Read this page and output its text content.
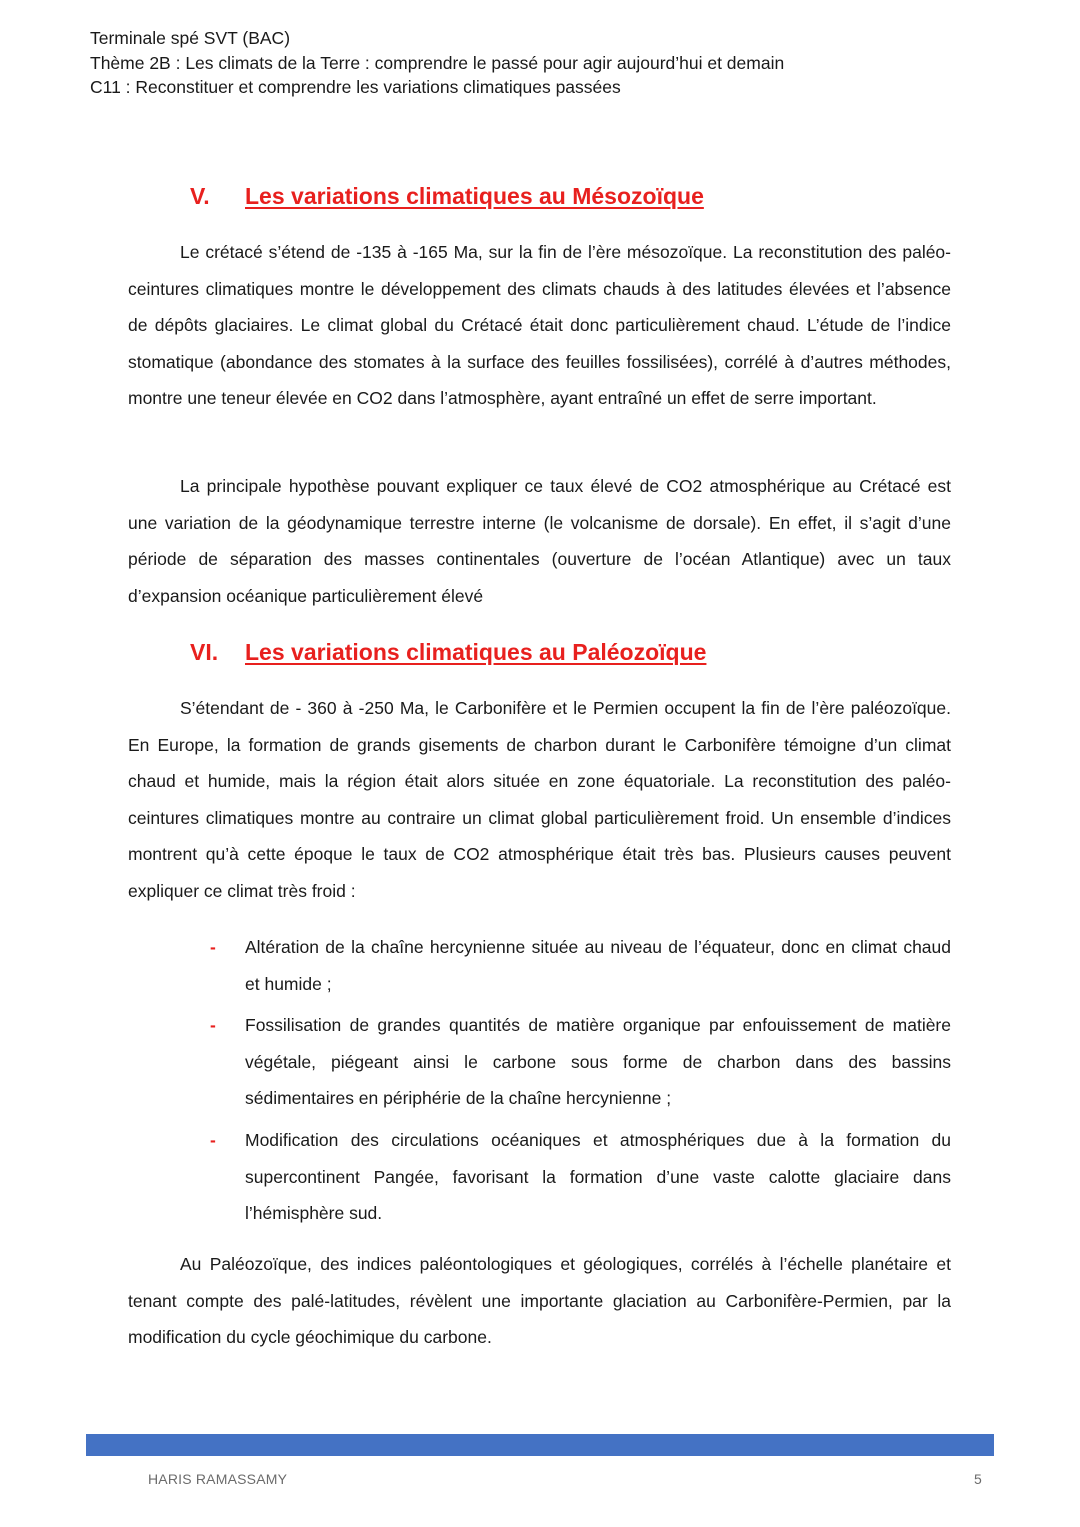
Terminale spé SVT (BAC)
Thème 2B : Les climats de la Terre : comprendre le passé pour agir aujourd’hui et demain
C11 : Reconstituer et comprendre les variations climatiques passées
V. Les variations climatiques au Mésozoïque

Le crétacé s’étend de -135 à -165 Ma, sur la fin de l’ère mésozoïque. La reconstitution des paléo-ceintures climatiques montre le développement des climats chauds à des latitudes élevées et l’absence de dépôts glaciaires. Le climat global du Crétacé était donc particulièrement chaud. L’étude de l’indice stomatique (abondance des stomates à la surface des feuilles fossilisées), corrélé à d’autres méthodes, montre une teneur élevée en CO2 dans l’atmosphère, ayant entraîné un effet de serre important.

La principale hypothèse pouvant expliquer ce taux élevé de CO2 atmosphérique au Crétacé est une variation de la géodynamique terrestre interne (le volcanisme de dorsale). En effet, il s’agit d’une période de séparation des masses continentales (ouverture de l’océan Atlantique) avec un taux d’expansion océanique particulièrement élevé

VI. Les variations climatiques au Paléozoïque

S’étendant de - 360 à -250 Ma, le Carbonifère et le Permien occupent la fin de l’ère paléozoïque. En Europe, la formation de grands gisements de charbon durant le Carbonifère témoigne d’un climat chaud et humide, mais la région était alors située en zone équatoriale. La reconstitution des paléo-ceintures climatiques montre au contraire un climat global particulièrement froid. Un ensemble d’indices montrent qu’à cette époque le taux de CO2 atmosphérique était très bas. Plusieurs causes peuvent expliquer ce climat très froid :

- Altération de la chaîne hercynienne située au niveau de l’équateur, donc en climat chaud et humide ;
- Fossilisation de grandes quantités de matière organique par enfouissement de matière végétale, piégeant ainsi le carbone sous forme de charbon dans des bassins sédimentaires en périphérie de la chaîne hercynienne ;
- Modification des circulations océaniques et atmosphériques due à la formation du supercontinent Pangée, favorisant la formation d’une vaste calotte glaciaire dans l’hémisphère sud.

Au Paléozoïque, des indices paléontologiques et géologiques, corrélés à l’échelle planétaire et tenant compte des palé-latitudes, révèlent une importante glaciation au Carbonifère-Permien, par la modification du cycle géochimique du carbone.

HARIS RAMASSAMY	5
